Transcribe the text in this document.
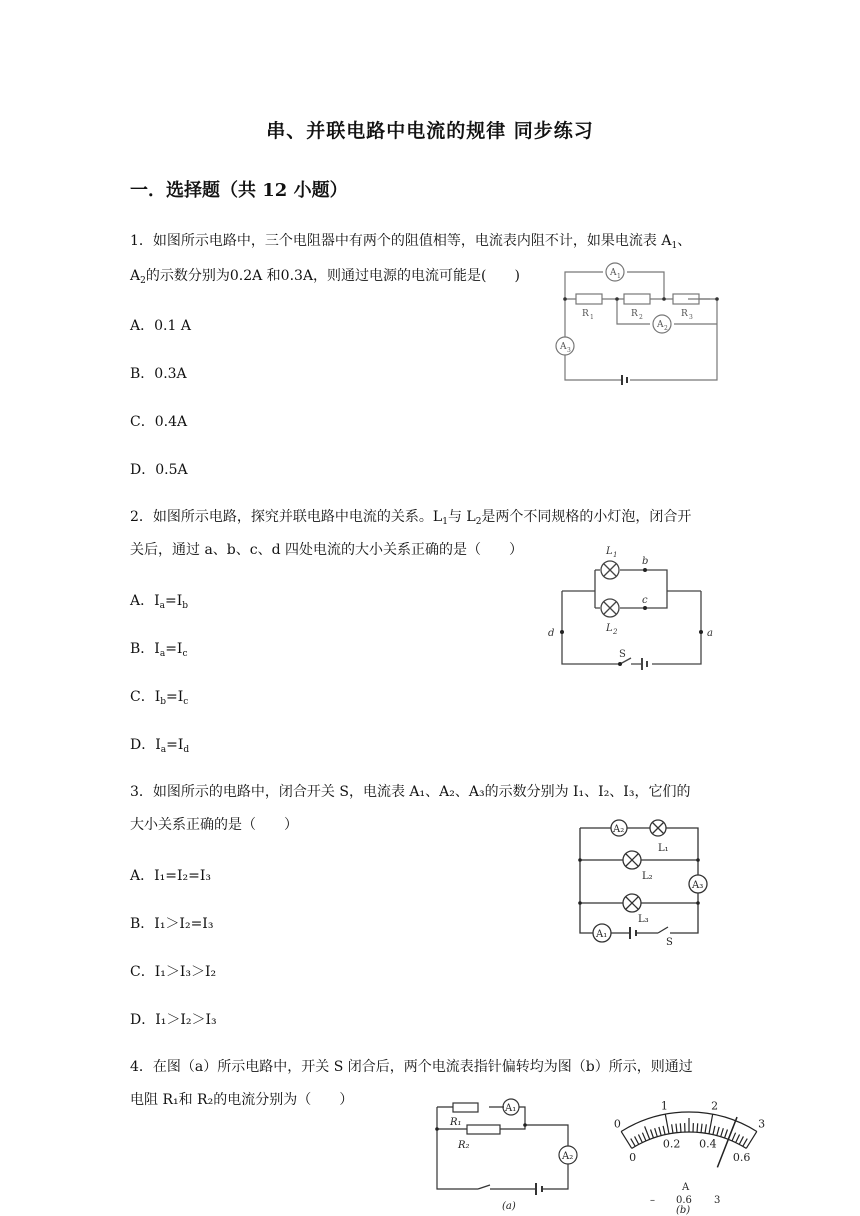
串、并联电路中电流的规律 同步练习
一．选择题（共 12 小题）
1．如图所示电路中，三个电阻器中有两个的阻值相等，电流表内阻不计，如果电流表 $A_1$、
$A_2$的示数分别为0.2A 和0.3A，则通过电源的电流可能是(　　)
A．0.1 A
B．0.3A
C．0.4A
D．0.5A
R 1	R 2	R 3
A 1
A 2
A 3
2．如图所示电路，探究并联电路中电流的关系。$L_1$与 $L_2$是两个不同规格的小灯泡，闭合开
关后，通过 a、b、c、d 四处电流的大小关系正确的是（　　）
A．$I_a=I_b$
B．$I_a=I_c$
C．$I_b=I_c$
D．$I_a=I_d$
L 1
L 2
b
c
d	a
S
3．如图所示的电路中，闭合开关 S，电流表 A₁、A₂、A₃的示数分别为 I₁、I₂、I₃，它们的
大小关系正确的是（　　）
A．I₁=I₂=I₃
B．I₁＞I₂=I₃
C．I₁＞I₃＞I₂
D．I₁＞I₂＞I₃
A₂
A₃
A₁
L₁
L₂
L₃
S
4．在图（a）所示电路中，开关 S 闭合后，两个电流表指针偏转均为图（b）所示，则通过
电阻 R₁和 R₂的电流分别为（　　）
R₁
R₂
A₁
A₂
(a)
0
1	2
3
0
0.2 0.4
0.6
A
– 0.6 3
(b)
